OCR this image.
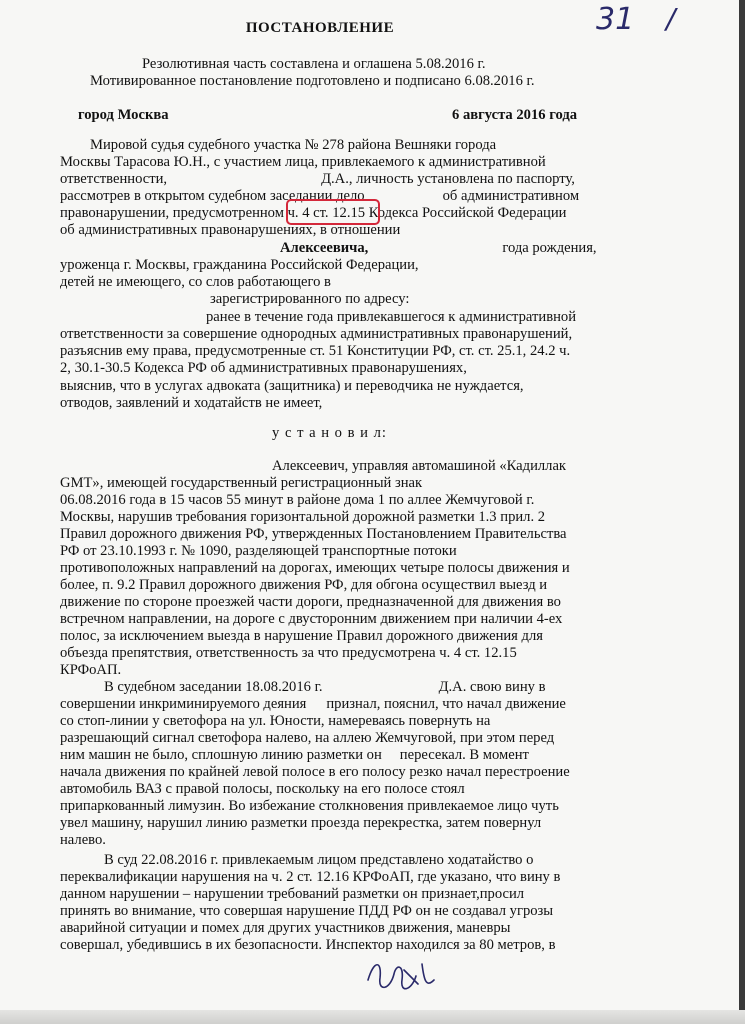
31 /
ПОСТАНОВЛЕНИЕ
Резолютивная часть составлена и оглашена 5.08.2016 г.
Мотивированное постановление подготовлено и подписано 6.08.2016 г.
город Москва	6 августа 2016 года
Мировой судья судебного участка № 278 района Вешняки города
Москвы Тарасова Ю.Н., с участием лица, привлекаемого к административной
ответственности,	Д.А., личность установлена по паспорту,
рассмотрев в открытом судебном заседании дело	об административном
правонарушении, предусмотренном ч. 4 ст. 12.15 Кодекса Российской Федерации
об административных правонарушениях, в отношении
Алексеевича,	года рождения,
уроженца г. Москвы, гражданина Российской Федерации,
детей не имеющего, со слов работающего в
зарегистрированного по адресу:
ранее в течение года привлекавшегося к административной
ответственности за совершение однородных административных правонарушений,
разъяснив ему права, предусмотренные ст. 51 Конституции РФ, ст. ст. 25.1, 24.2 ч.
2, 30.1-30.5 Кодекса РФ об административных правонарушениях,
выяснив, что в услугах адвоката (защитника) и переводчика не нуждается,
отводов, заявлений и ходатайств не имеет,
у с т а н о в и л:
Алексеевич, управляя автомашиной «Кадиллак
GMT», имеющей государственный регистрационный знак
06.08.2016 года в 15 часов 55 минут в районе дома 1 по аллее Жемчуговой г.
Москвы, нарушив требования горизонтальной дорожной разметки 1.3 прил. 2
Правил дорожного движения РФ, утвержденных Постановлением Правительства
РФ от 23.10.1993 г. № 1090, разделяющей транспортные потоки
противоположных направлений на дорогах, имеющих четыре полосы движения и
более, п. 9.2 Правил дорожного движения РФ, для обгона осуществил выезд и
движение по стороне проезжей части дороги, предназначенной для движения во
встречном направлении, на дороге с двусторонним движением при наличии 4-ех
полос, за исключением выезда в нарушение Правил дорожного движения для
объезда препятствия, ответственность за что предусмотрена ч. 4 ст. 12.15
КРФоАП.
В судебном заседании 18.08.2016 г.	Д.А. свою вину в
совершении инкриминируемого деяния признал, пояснил, что начал движение
со стоп-линии у светофора на ул. Юности, намереваясь повернуть на
разрешающий сигнал светофора налево, на аллею Жемчуговой, при этом перед
ним машин не было, сплошную линию разметки он пересекал. В момент
начала движения по крайней левой полосе в его полосу резко начал перестроение
автомобиль ВАЗ с правой полосы, поскольку на его полосе стоял
припаркованный лимузин. Во избежание столкновения привлекаемое лицо чуть
увел машину, нарушил линию разметки проезда перекрестка, затем повернул
налево.
В суд 22.08.2016 г. привлекаемым лицом представлено ходатайство о
переквалификации нарушения на ч. 2 ст. 12.16 КРФоАП, где указано, что вину в
данном нарушении – нарушении требований разметки он признает,просил
принять во внимание, что совершая нарушение ПДД РФ он не создавал угрозы
аварийной ситуации и помех для других участников движения, маневры
совершал, убедившись в их безопасности. Инспектор находился за 80 метров, в
